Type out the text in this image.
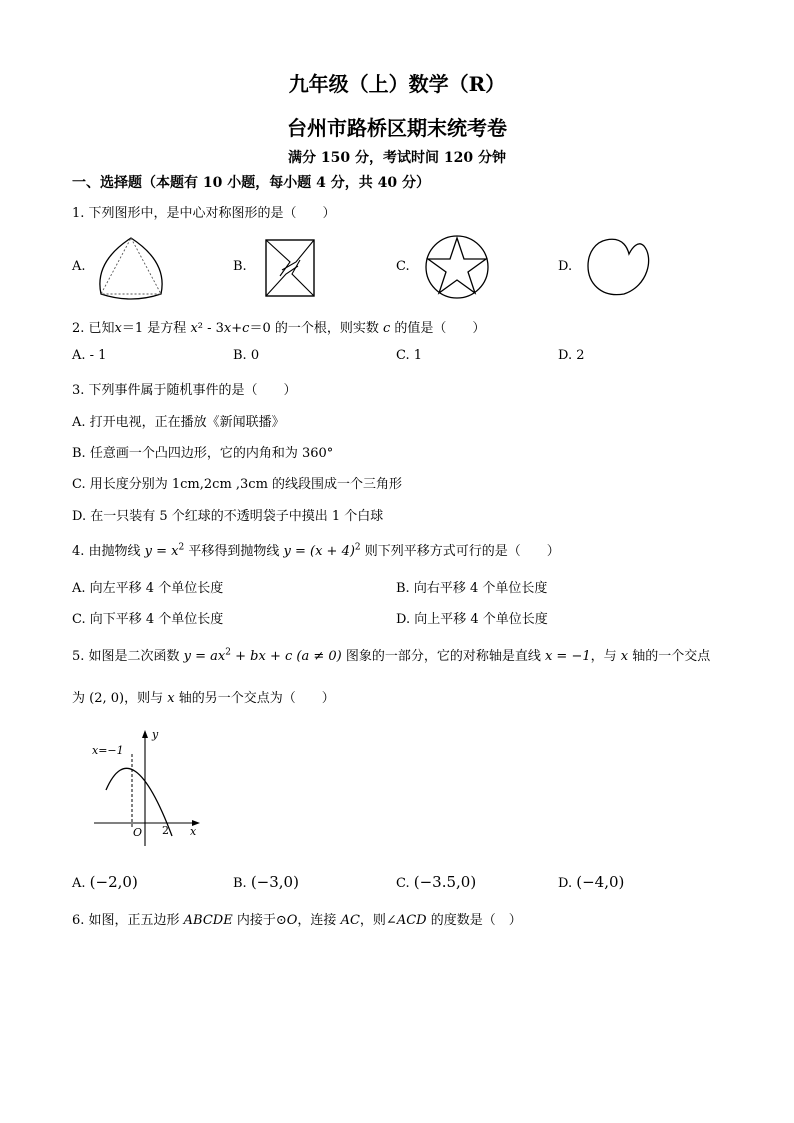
九年级（上）数学（R）
台州市路桥区期末统考卷
满分 150 分，考试时间 120 分钟
一、选择题（本题有 10 小题，每小题 4 分，共 40 分）
1. 下列图形中，是中心对称图形的是（　　）
A.	B.	C.	D.
2. 已知x＝1 是方程 x² - 3x+c＝0 的一个根，则实数 c 的值是（　　）
A. - 1	B. 0	C. 1	D. 2
3. 下列事件属于随机事件的是（　　）
A. 打开电视，正在播放《新闻联播》
B. 任意画一个凸四边形，它的内角和为 360°
C. 用长度分别为 1cm,2cm ,3cm 的线段围成一个三角形
D. 在一只装有 5 个红球的不透明袋子中摸出 1 个白球
4. 由抛物线 $y = x^2$ 平移得到抛物线 $y = (x + 4)^2$ 则下列平移方式可行的是（　　）
A. 向左平移 4 个单位长度	B. 向右平移 4 个单位长度
C. 向下平移 4 个单位长度	D. 向上平移 4 个单位长度
5. 如图是二次函数 $y = ax^2$ + bx + c (a ≠ 0) 图象的一部分，它的对称轴是直线 x = −1，与 x 轴的一个交点
为 (2, 0)，则与 x 轴的另一个交点为（　　）
x=−1
y
x
O 2
A. (−2,0)	B. (−3,0)	C. (−3.5,0)	D. (−4,0)
6. 如图，正五边形 ABCDE 内接于⊙O，连接 AC，则∠ACD 的度数是（　）
